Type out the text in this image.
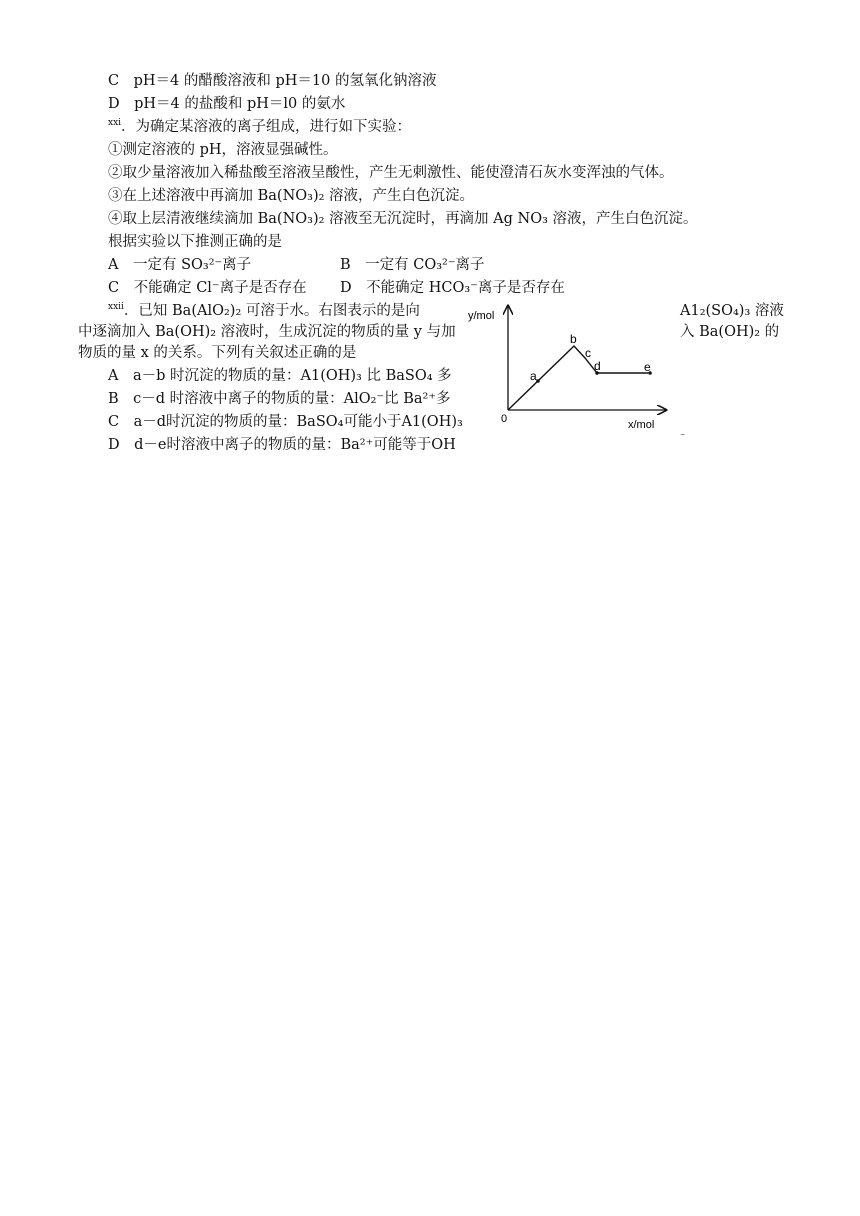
C　pH＝4 的醋酸溶液和 pH＝10 的氢氧化钠溶液
D　pH＝4 的盐酸和 pH＝l0 的氨水
$^{xxi}$．为确定某溶液的离子组成，进行如下实验：
①测定溶液的 pH，溶液显强碱性。
②取少量溶液加入稀盐酸至溶液呈酸性，产生无刺激性、能使澄清石灰水变浑浊的气体。
③在上述溶液中再滴加 Ba(NO₃)₂ 溶液，产生白色沉淀。
④取上层清液继续滴加 Ba(NO₃)₂ 溶液至无沉淀时，再滴加 Ag NO₃ 溶液，产生白色沉淀。
根据实验以下推测正确的是
A　一定有 SO₃²⁻离子	B　一定有 CO₃²⁻离子
C　不能确定 Cl⁻离子是否存在 D　不能确定 HCO₃⁻离子是否存在
$^{xxii}$．已知 Ba(AlO₂)₂ 可溶于水。右图表示的是向	A1₂(SO₄)₃ 溶液
中逐滴加入 Ba(OH)₂ 溶液时，生成沉淀的物质的量 y 与加	入 Ba(OH)₂ 的
物质的量 x 的关系。下列有关叙述正确的是
A　a－b 时沉淀的物质的量：A1(OH)₃ 比 BaSO₄ 多
B　c－d 时溶液中离子的物质的量：AlO₂⁻比 Ba²⁺多
C　a－d时沉淀的物质的量：BaSO₄可能小于A1(OH)₃
D　d－e时溶液中离子的物质的量：Ba²⁺可能等于OH	⁻
y/mol
x/mol
0
a
b
c
d	e
